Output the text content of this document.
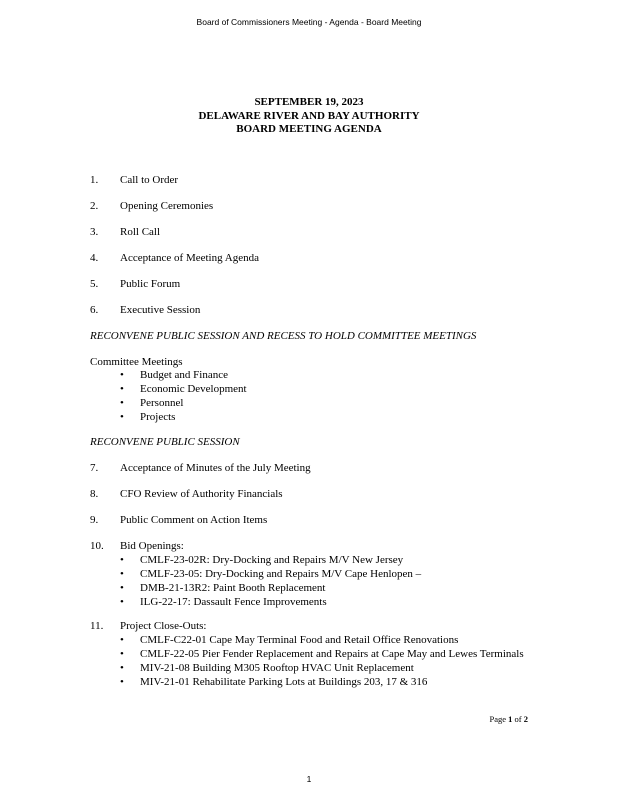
Board of Commissioners Meeting - Agenda - Board Meeting
SEPTEMBER 19, 2023
DELAWARE RIVER AND BAY AUTHORITY
BOARD MEETING AGENDA
1. Call to Order
2. Opening Ceremonies
3. Roll Call
4. Acceptance of Meeting Agenda
5. Public Forum
6. Executive Session
RECONVENE PUBLIC SESSION AND RECESS TO HOLD COMMITTEE MEETINGS
Committee Meetings
• Budget and Finance
• Economic Development
• Personnel
• Projects
RECONVENE PUBLIC SESSION
7. Acceptance of Minutes of the July Meeting
8. CFO Review of Authority Financials
9. Public Comment on Action Items
10. Bid Openings:
• CMLF-23-02R: Dry-Docking and Repairs M/V New Jersey
• CMLF-23-05: Dry-Docking and Repairs M/V Cape Henlopen –
• DMB-21-13R2: Paint Booth Replacement
• ILG-22-17: Dassault Fence Improvements
11. Project Close-Outs:
• CMLF-C22-01 Cape May Terminal Food and Retail Office Renovations
• CMLF-22-05 Pier Fender Replacement and Repairs at Cape May and Lewes Terminals
• MIV-21-08 Building M305 Rooftop HVAC Unit Replacement
• MIV-21-01 Rehabilitate Parking Lots at Buildings 203, 17 & 316
Page 1 of 2
1
